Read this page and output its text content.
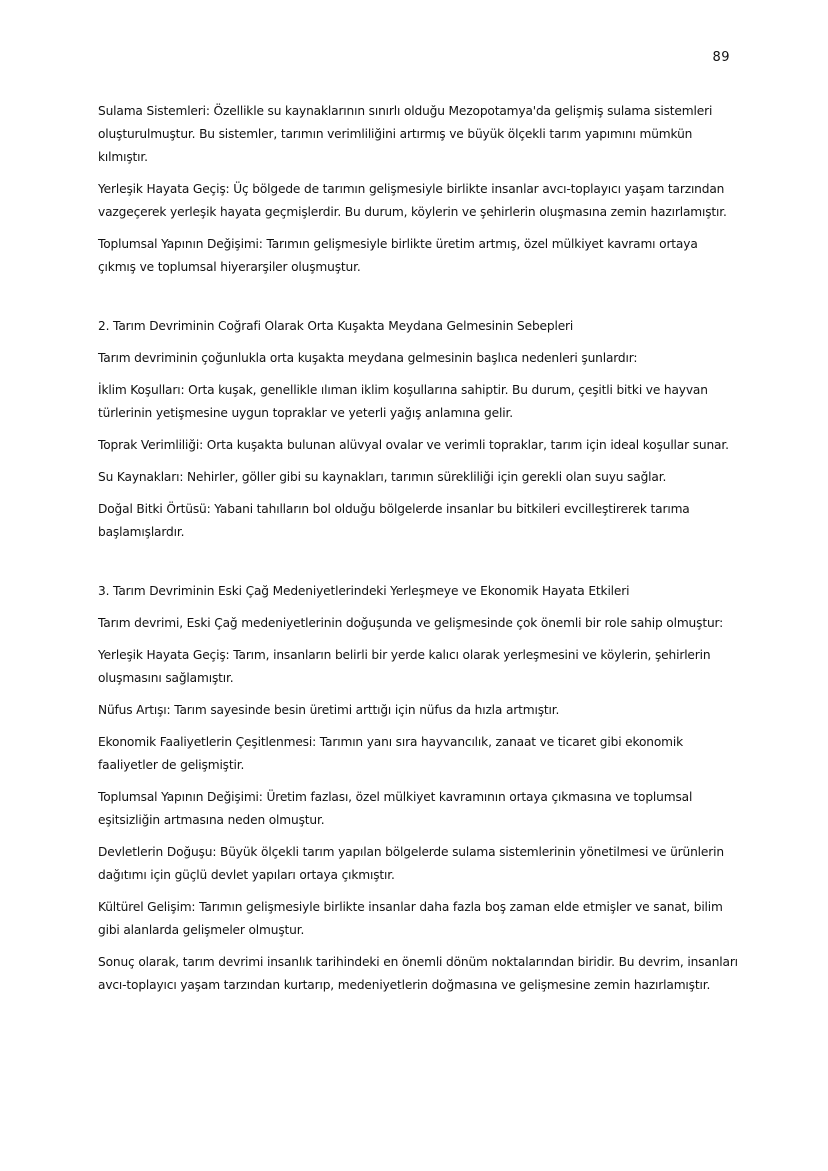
89
Sulama Sistemleri: Özellikle su kaynaklarının sınırlı olduğu Mezopotamya'da gelişmiş sulama sistemleri oluşturulmuştur. Bu sistemler, tarımın verimliliğini artırmış ve büyük ölçekli tarım yapımını mümkün kılmıştır.
Yerleşik Hayata Geçiş: Üç bölgede de tarımın gelişmesiyle birlikte insanlar avcı-toplayıcı yaşam tarzından vazgeçerek yerleşik hayata geçmişlerdir. Bu durum, köylerin ve şehirlerin oluşmasına zemin hazırlamıştır.
Toplumsal Yapının Değişimi: Tarımın gelişmesiyle birlikte üretim artmış, özel mülkiyet kavramı ortaya çıkmış ve toplumsal hiyerarşiler oluşmuştur.
2. Tarım Devriminin Coğrafi Olarak Orta Kuşakta Meydana Gelmesinin Sebepleri
Tarım devriminin çoğunlukla orta kuşakta meydana gelmesinin başlıca nedenleri şunlardır:
İklim Koşulları: Orta kuşak, genellikle ılıman iklim koşullarına sahiptir. Bu durum, çeşitli bitki ve hayvan türlerinin yetişmesine uygun topraklar ve yeterli yağış anlamına gelir.
Toprak Verimliliği: Orta kuşakta bulunan alüvyal ovalar ve verimli topraklar, tarım için ideal koşullar sunar.
Su Kaynakları: Nehirler, göller gibi su kaynakları, tarımın sürekliliği için gerekli olan suyu sağlar.
Doğal Bitki Örtüsü: Yabani tahılların bol olduğu bölgelerde insanlar bu bitkileri evcilleştirerek tarıma başlamışlardır.
3. Tarım Devriminin Eski Çağ Medeniyetlerindeki Yerleşmeye ve Ekonomik Hayata Etkileri
Tarım devrimi, Eski Çağ medeniyetlerinin doğuşunda ve gelişmesinde çok önemli bir role sahip olmuştur:
Yerleşik Hayata Geçiş: Tarım, insanların belirli bir yerde kalıcı olarak yerleşmesini ve köylerin, şehirlerin oluşmasını sağlamıştır.
Nüfus Artışı: Tarım sayesinde besin üretimi arttığı için nüfus da hızla artmıştır.
Ekonomik Faaliyetlerin Çeşitlenmesi: Tarımın yanı sıra hayvancılık, zanaat ve ticaret gibi ekonomik faaliyetler de gelişmiştir.
Toplumsal Yapının Değişimi: Üretim fazlası, özel mülkiyet kavramının ortaya çıkmasına ve toplumsal eşitsizliğin artmasına neden olmuştur.
Devletlerin Doğuşu: Büyük ölçekli tarım yapılan bölgelerde sulama sistemlerinin yönetilmesi ve ürünlerin dağıtımı için güçlü devlet yapıları ortaya çıkmıştır.
Kültürel Gelişim: Tarımın gelişmesiyle birlikte insanlar daha fazla boş zaman elde etmişler ve sanat, bilim gibi alanlarda gelişmeler olmuştur.
Sonuç olarak, tarım devrimi insanlık tarihindeki en önemli dönüm noktalarından biridir. Bu devrim, insanları avcı-toplayıcı yaşam tarzından kurtarıp, medeniyetlerin doğmasına ve gelişmesine zemin hazırlamıştır.
